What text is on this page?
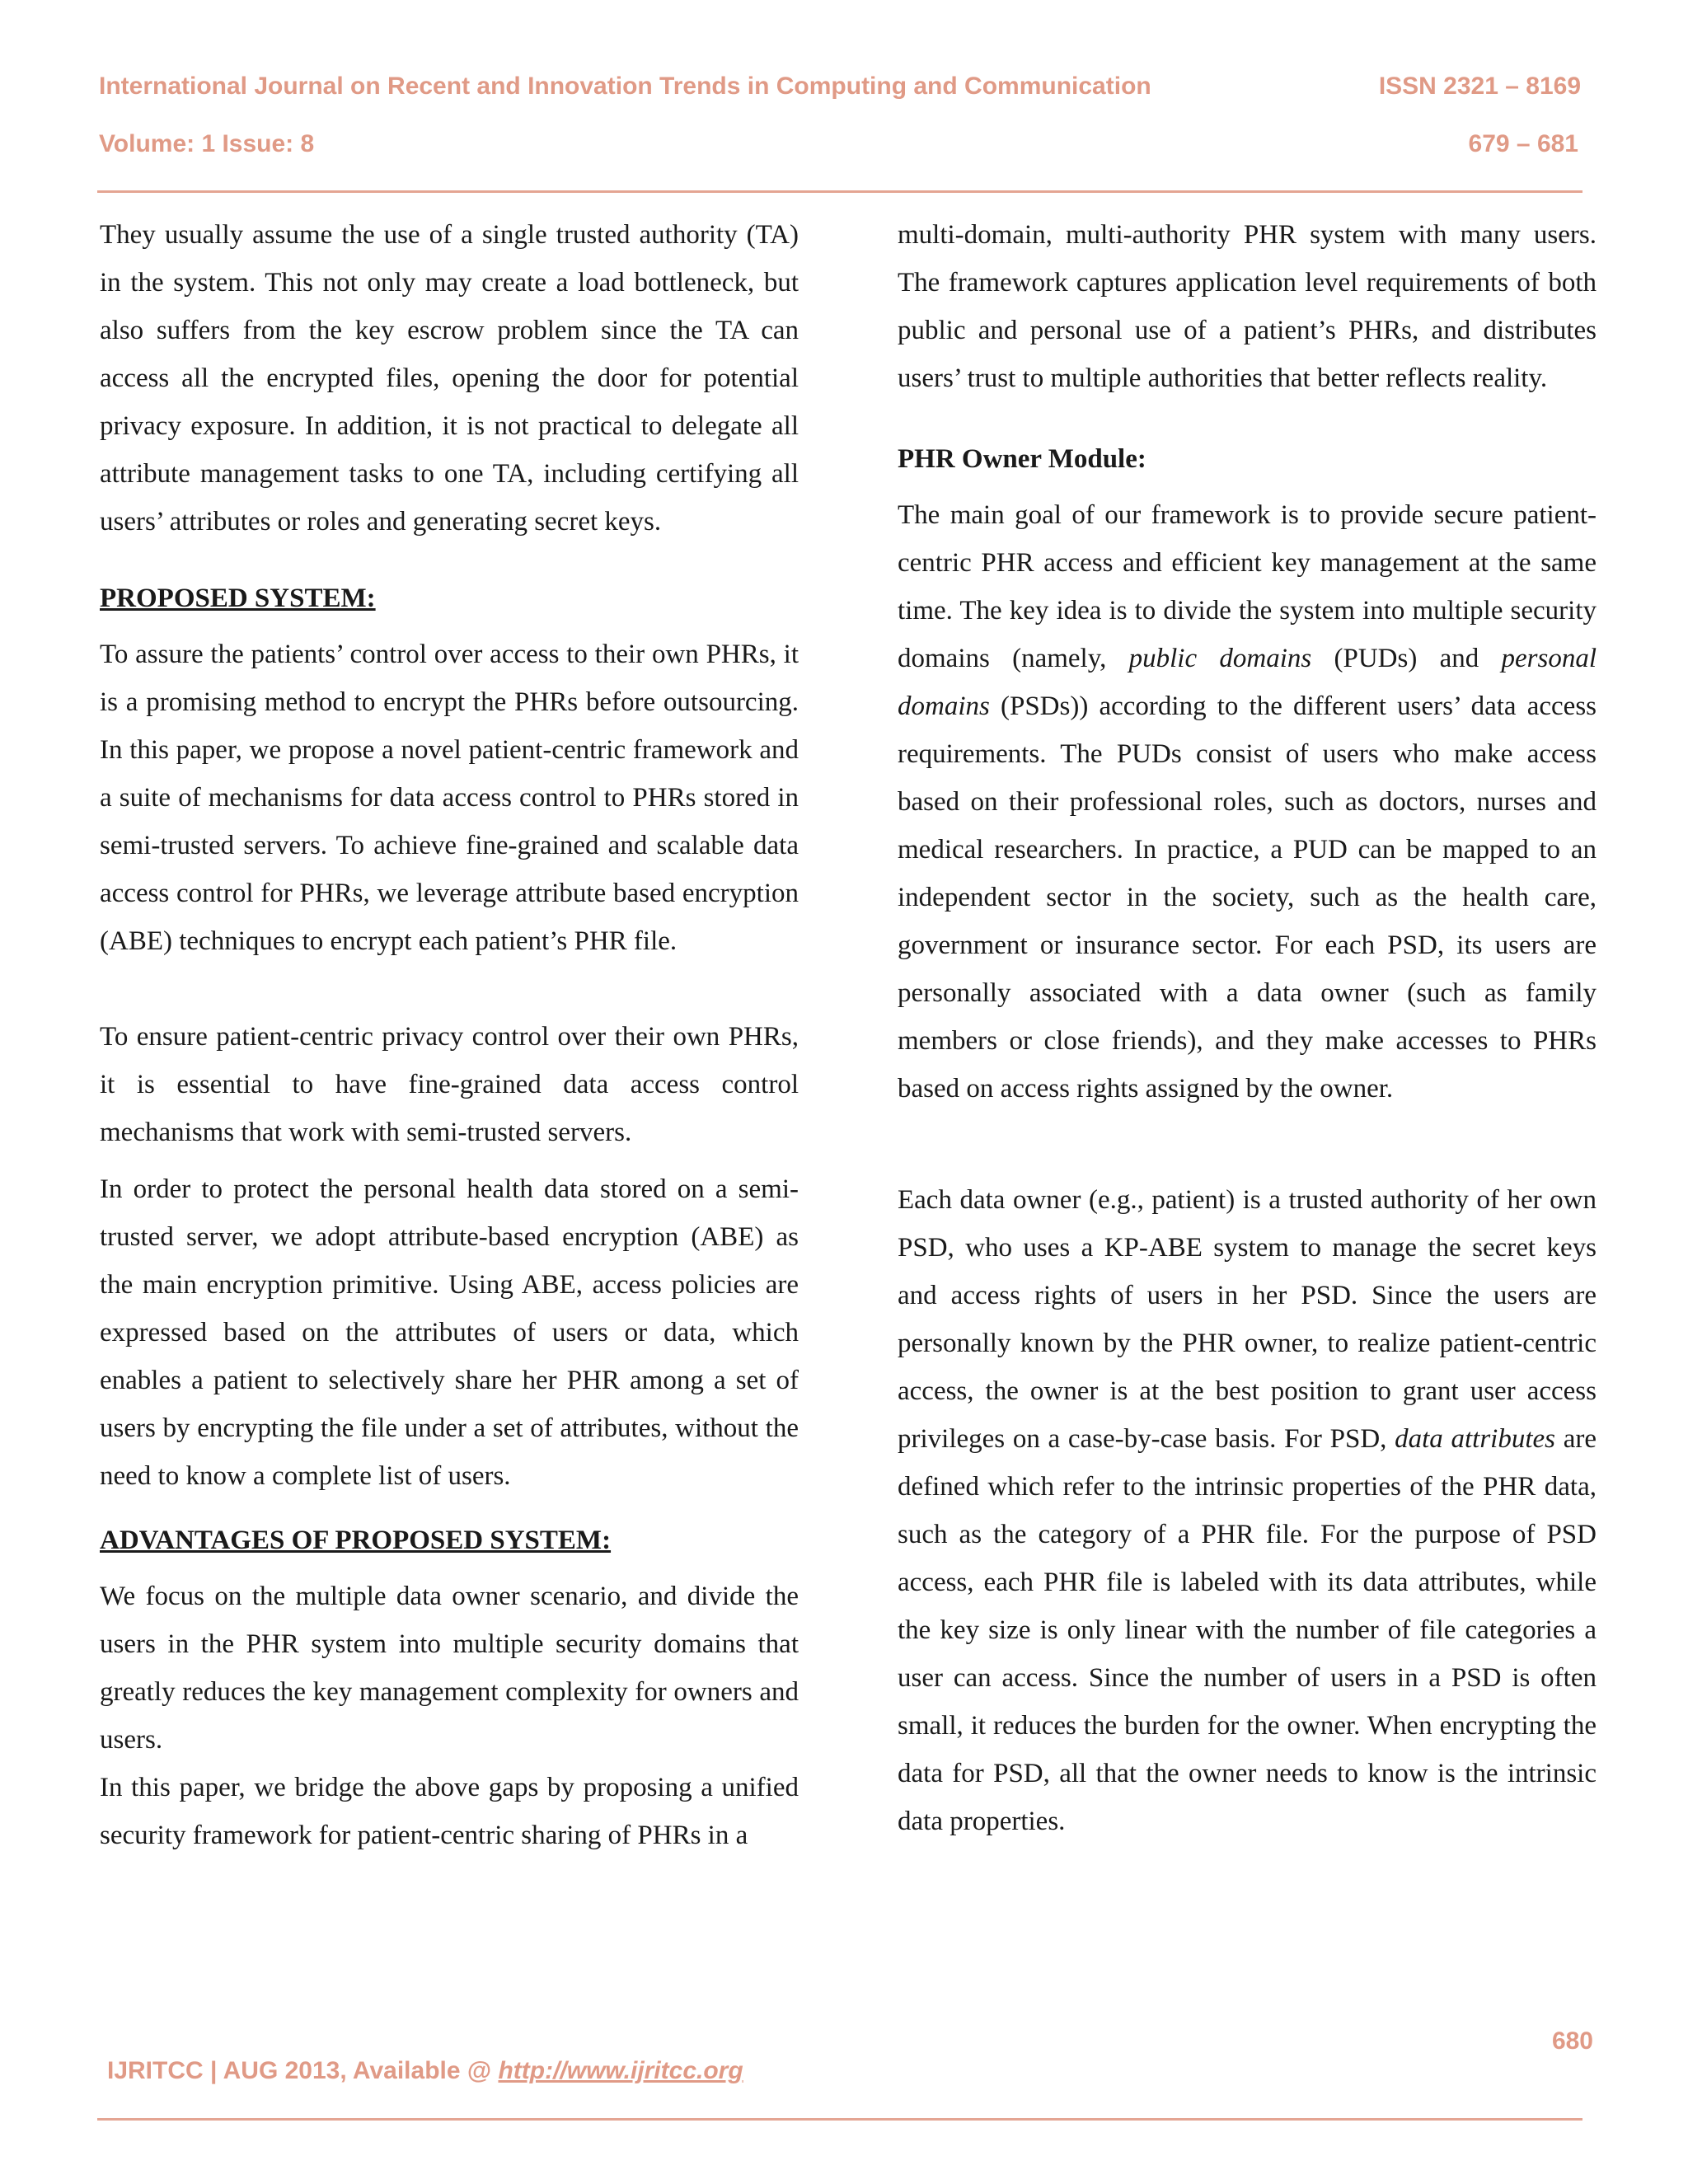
International Journal on Recent and Innovation Trends in Computing and Communication	ISSN 2321 – 8169
Volume: 1 Issue: 8	679 – 681

They usually assume the use of a single trusted authority (TA) in the system. This not only may create a load bottleneck, but also suffers from the key escrow problem since the TA can access all the encrypted files, opening the door for potential privacy exposure. In addition, it is not practical to delegate all attribute management tasks to one TA, including certifying all users’ attributes or roles and generating secret keys.

PROPOSED SYSTEM:

To assure the patients’ control over access to their own PHRs, it is a promising method to encrypt the PHRs before outsourcing. In this paper, we propose a novel patient-centric framework and a suite of mechanisms for data access control to PHRs stored in semi-trusted servers. To achieve fine-grained and scalable data access control for PHRs, we leverage attribute based encryption (ABE) techniques to encrypt each patient’s PHR file.

To ensure patient-centric privacy control over their own PHRs, it is essential to have fine-grained data access control mechanisms that work with semi-trusted servers.

In order to protect the personal health data stored on a semi-trusted server, we adopt attribute-based encryption (ABE) as the main encryption primitive. Using ABE, access policies are expressed based on the attributes of users or data, which enables a patient to selectively share her PHR among a set of users by encrypting the file under a set of attributes, without the need to know a complete list of users.

ADVANTAGES OF PROPOSED SYSTEM:

We focus on the multiple data owner scenario, and divide the users in the PHR system into multiple security domains that greatly reduces the key management complexity for owners and users.

In this paper, we bridge the above gaps by proposing a unified security framework for patient-centric sharing of PHRs in a

multi-domain, multi-authority PHR system with many users. The framework captures application level requirements of both public and personal use of a patient’s PHRs, and distributes users’ trust to multiple authorities that better reflects reality.

PHR Owner Module:

The main goal of our framework is to provide secure patient-centric PHR access and efficient key management at the same time. The key idea is to divide the system into multiple security domains (namely, public domains (PUDs) and personal domains (PSDs)) according to the different users’ data access requirements. The PUDs consist of users who make access based on their professional roles, such as doctors, nurses and medical researchers. In practice, a PUD can be mapped to an independent sector in the society, such as the health care, government or insurance sector. For each PSD, its users are personally associated with a data owner (such as family members or close friends), and they make accesses to PHRs based on access rights assigned by the owner.

Each data owner (e.g., patient) is a trusted authority of her own PSD, who uses a KP-ABE system to manage the secret keys and access rights of users in her PSD. Since the users are personally known by the PHR owner, to realize patient-centric access, the owner is at the best position to grant user access privileges on a case-by-case basis. For PSD, data attributes are defined which refer to the intrinsic properties of the PHR data, such as the category of a PHR file. For the purpose of PSD access, each PHR file is labeled with its data attributes, while the key size is only linear with the number of file categories a user can access. Since the number of users in a PSD is often small, it reduces the burden for the owner. When encrypting the data for PSD, all that the owner needs to know is the intrinsic data properties.

680
IJRITCC | AUG 2013, Available @ http://www.ijritcc.org
